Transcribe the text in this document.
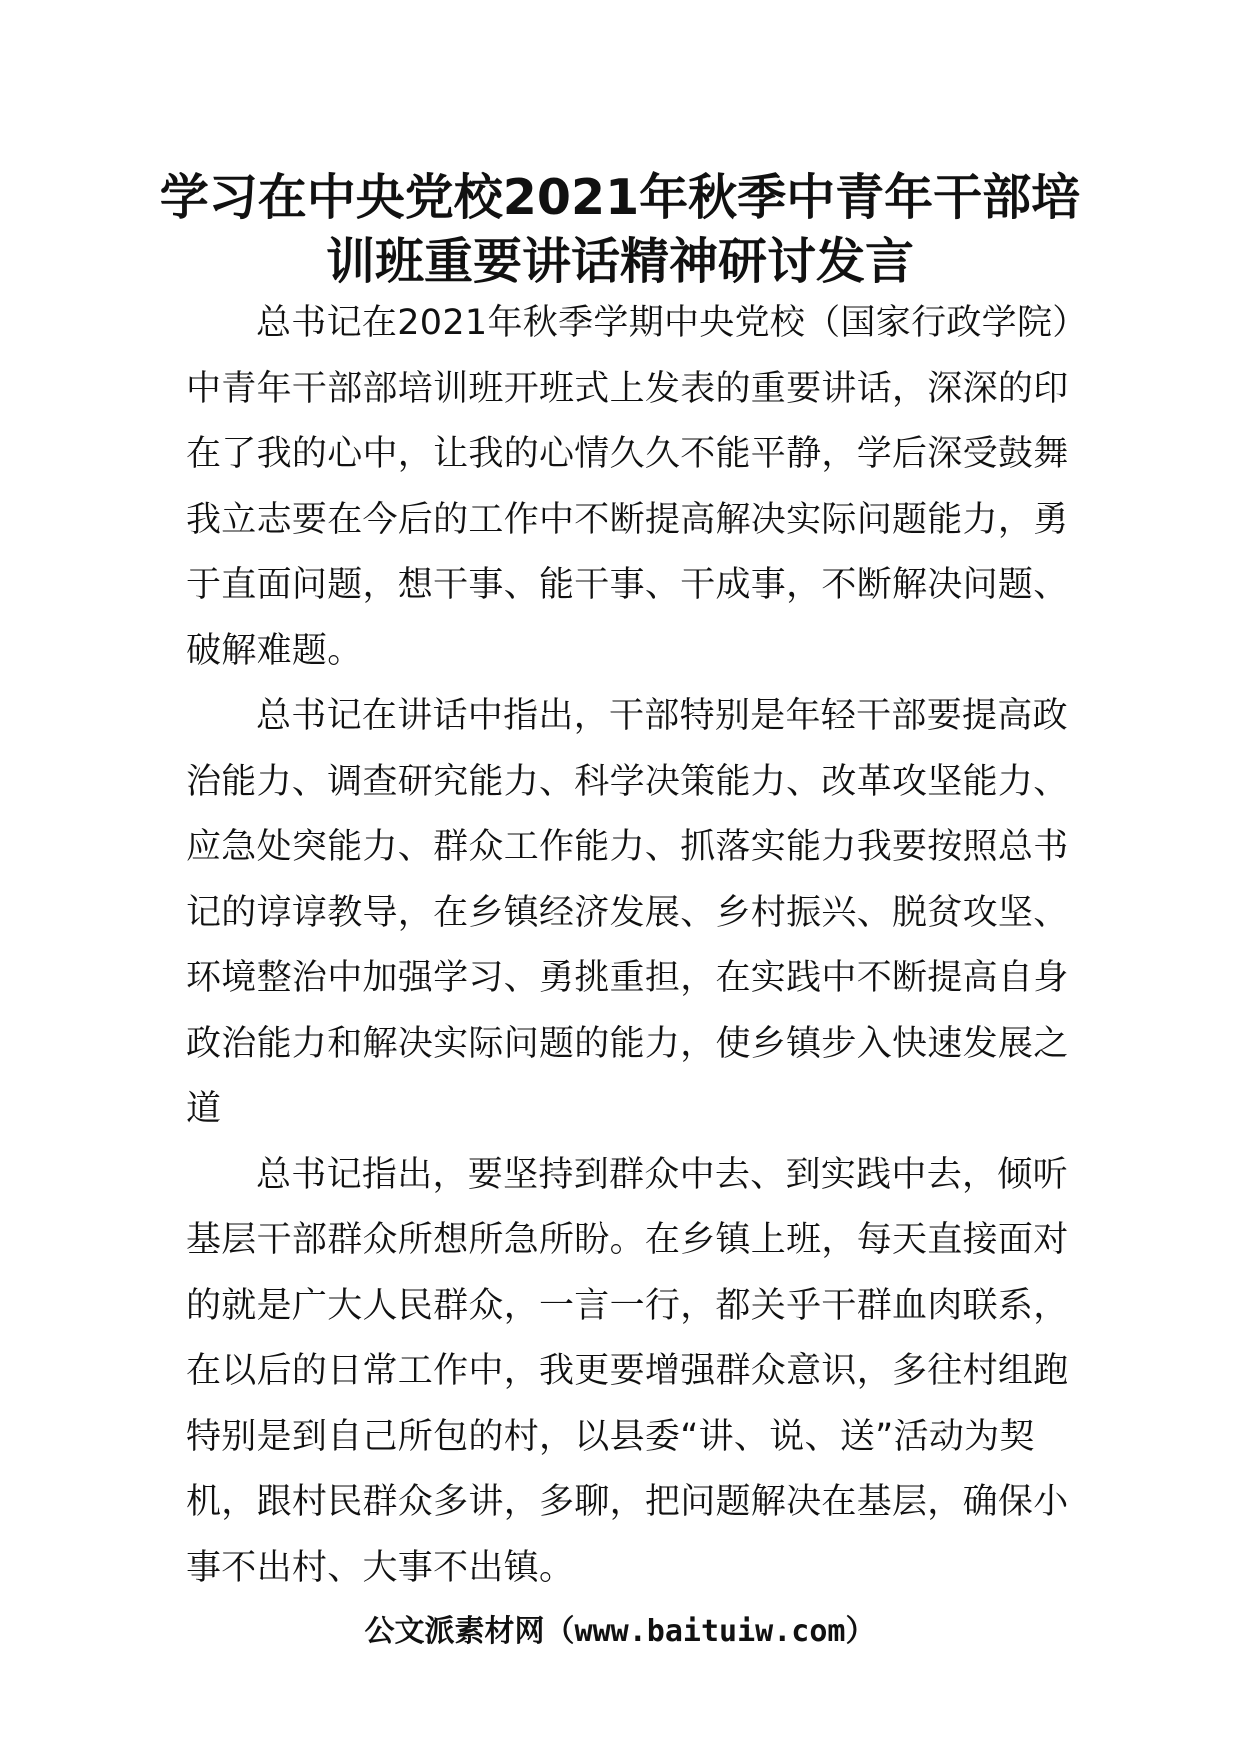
学习在中央党校2021年秋季中青年干部培
训班重要讲话精神研讨发言
总书记在2021年秋季学期中央党校（国家行政学院）
中青年干部部培训班开班式上发表的重要讲话，深深的印
在了我的心中，让我的心情久久不能平静，学后深受鼓舞
我立志要在今后的工作中不断提高解决实际问题能力，勇
于直面问题，想干事、能干事、干成事，不断解决问题、
破解难题。
总书记在讲话中指出，干部特别是年轻干部要提高政
治能力、调查研究能力、科学决策能力、改革攻坚能力、
应急处突能力、群众工作能力、抓落实能力我要按照总书
记的谆谆教导，在乡镇经济发展、乡村振兴、脱贫攻坚、
环境整治中加强学习、勇挑重担，在实践中不断提高自身
政治能力和解决实际问题的能力，使乡镇步入快速发展之
道
总书记指出，要坚持到群众中去、到实践中去，倾听
基层干部群众所想所急所盼。在乡镇上班，每天直接面对
的就是广大人民群众，一言一行，都关乎干群血肉联系，
在以后的日常工作中，我更要增强群众意识，多往村组跑
特别是到自己所包的村，以县委“讲、说、送”活动为契
机，跟村民群众多讲，多聊，把问题解决在基层，确保小
事不出村、大事不出镇。
公文派素材网（www.baituiw.com）
